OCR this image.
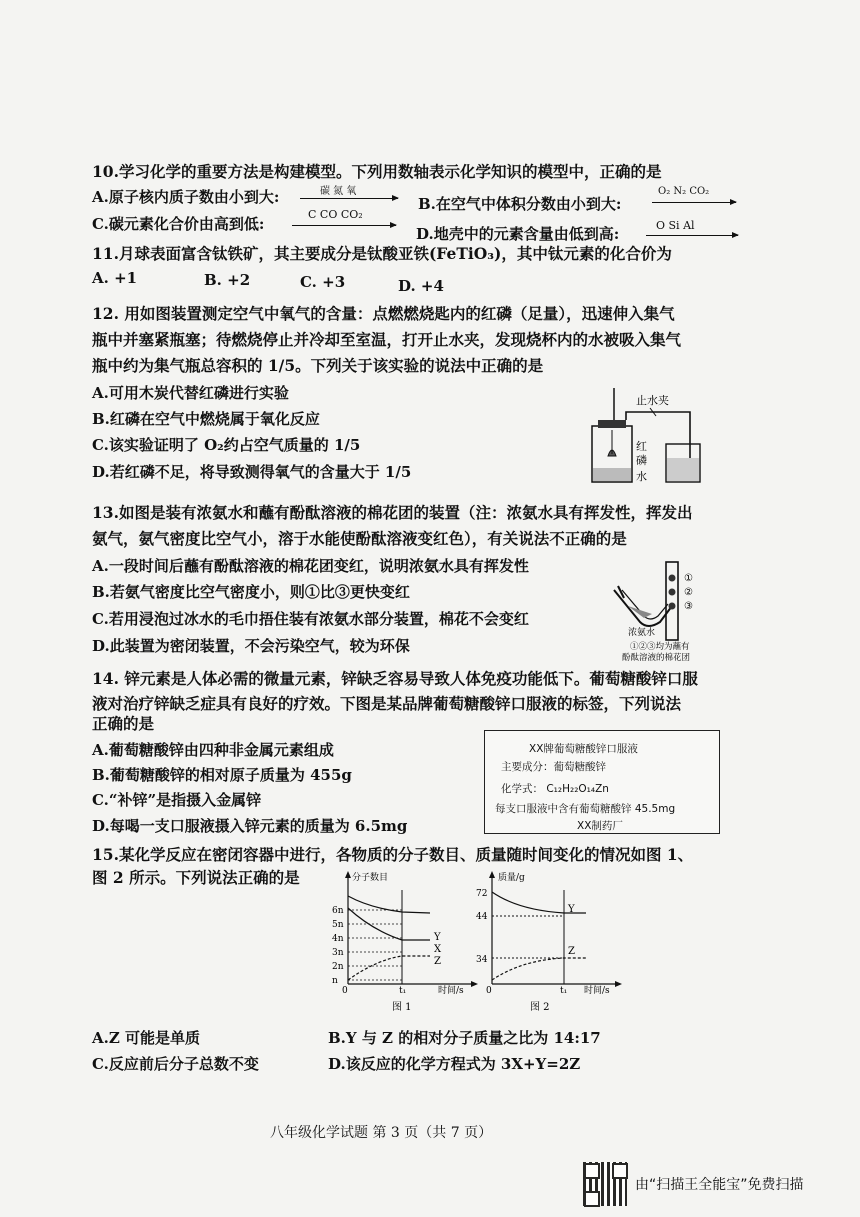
10.学习化学的重要方法是构建模型。下列用数轴表示化学知识的模型中，正确的是
A.原子核内质子数由小到大:	碳 氮 氧
B.在空气中体积分数由小到大:
O₂ N₂ CO₂
C.碳元素化合价由高到低:
C CO CO₂
D.地壳中的元素含量由低到高:	O Si Al
11.月球表面富含钛铁矿，其主要成分是钛酸亚铁(FeTiO₃)，其中钛元素的化合价为
A. +1	B. +2	C. +3	D. +4
12. 用如图装置测定空气中氧气的含量：点燃燃烧匙内的红磷（足量），迅速伸入集气
瓶中并塞紧瓶塞；待燃烧停止并冷却至室温，打开止水夹，发现烧杯内的水被吸入集气
瓶中约为集气瓶总容积的 1/5。下列关于该实验的说法中正确的是
A.可用木炭代替红磷进行实验
B.红磷在空气中燃烧属于氧化反应
C.该实验证明了 O₂约占空气质量的 1/5
D.若红磷不足，将导致测得氧气的含量大于 1/5
止水夹
红
磷
水
13.如图是装有浓氨水和蘸有酚酞溶液的棉花团的装置（注：浓氨水具有挥发性，挥发出
氨气，氨气密度比空气小，溶于水能使酚酞溶液变红色），有关说法不正确的是
A.一段时间后蘸有酚酞溶液的棉花团变红，说明浓氨水具有挥发性
B.若氨气密度比空气密度小，则①比③更快变红
C.若用浸泡过冰水的毛巾捂住装有浓氨水部分装置，棉花不会变红
D.此装置为密闭装置，不会污染空气，较为环保
①
②
③
浓氨水
①②③均为蘸有
酚酞溶液的棉花团
14. 锌元素是人体必需的微量元素，锌缺乏容易导致人体免疫功能低下。葡萄糖酸锌口服
液对治疗锌缺乏症具有良好的疗效。下图是某品牌葡萄糖酸锌口服液的标签，下列说法
正确的是
A.葡萄糖酸锌由四种非金属元素组成
B.葡萄糖酸锌的相对原子质量为 455g
C.“补锌”是指摄入金属锌
D.每喝一支口服液摄入锌元素的质量为 6.5mg
XX牌葡萄糖酸锌口服液
主要成分：葡萄糖酸锌
化学式： C₁₂H₂₂O₁₄Zn
每支口服液中含有葡萄糖酸锌 45.5mg
XX制药厂
15.某化学反应在密闭容器中进行，各物质的分子数目、质量随时间变化的情况如图 1、
图 2 所示。下列说法正确的是	分子数目
n
2n
3n
4n
5n
6n
Y
X
Z
0	t₁	时间/s
图 1
质量/g
72
44
34
Y
Z
0	t₁ 时间/s
图 2
A.Z 可能是单质	B.Y 与 Z 的相对分子质量之比为 14:17
C.反应前后分子总数不变	D.该反应的化学方程式为 3X+Y=2Z
八年级化学试题 第 3 页（共 7 页）
由“扫描王全能宝”免费扫描
